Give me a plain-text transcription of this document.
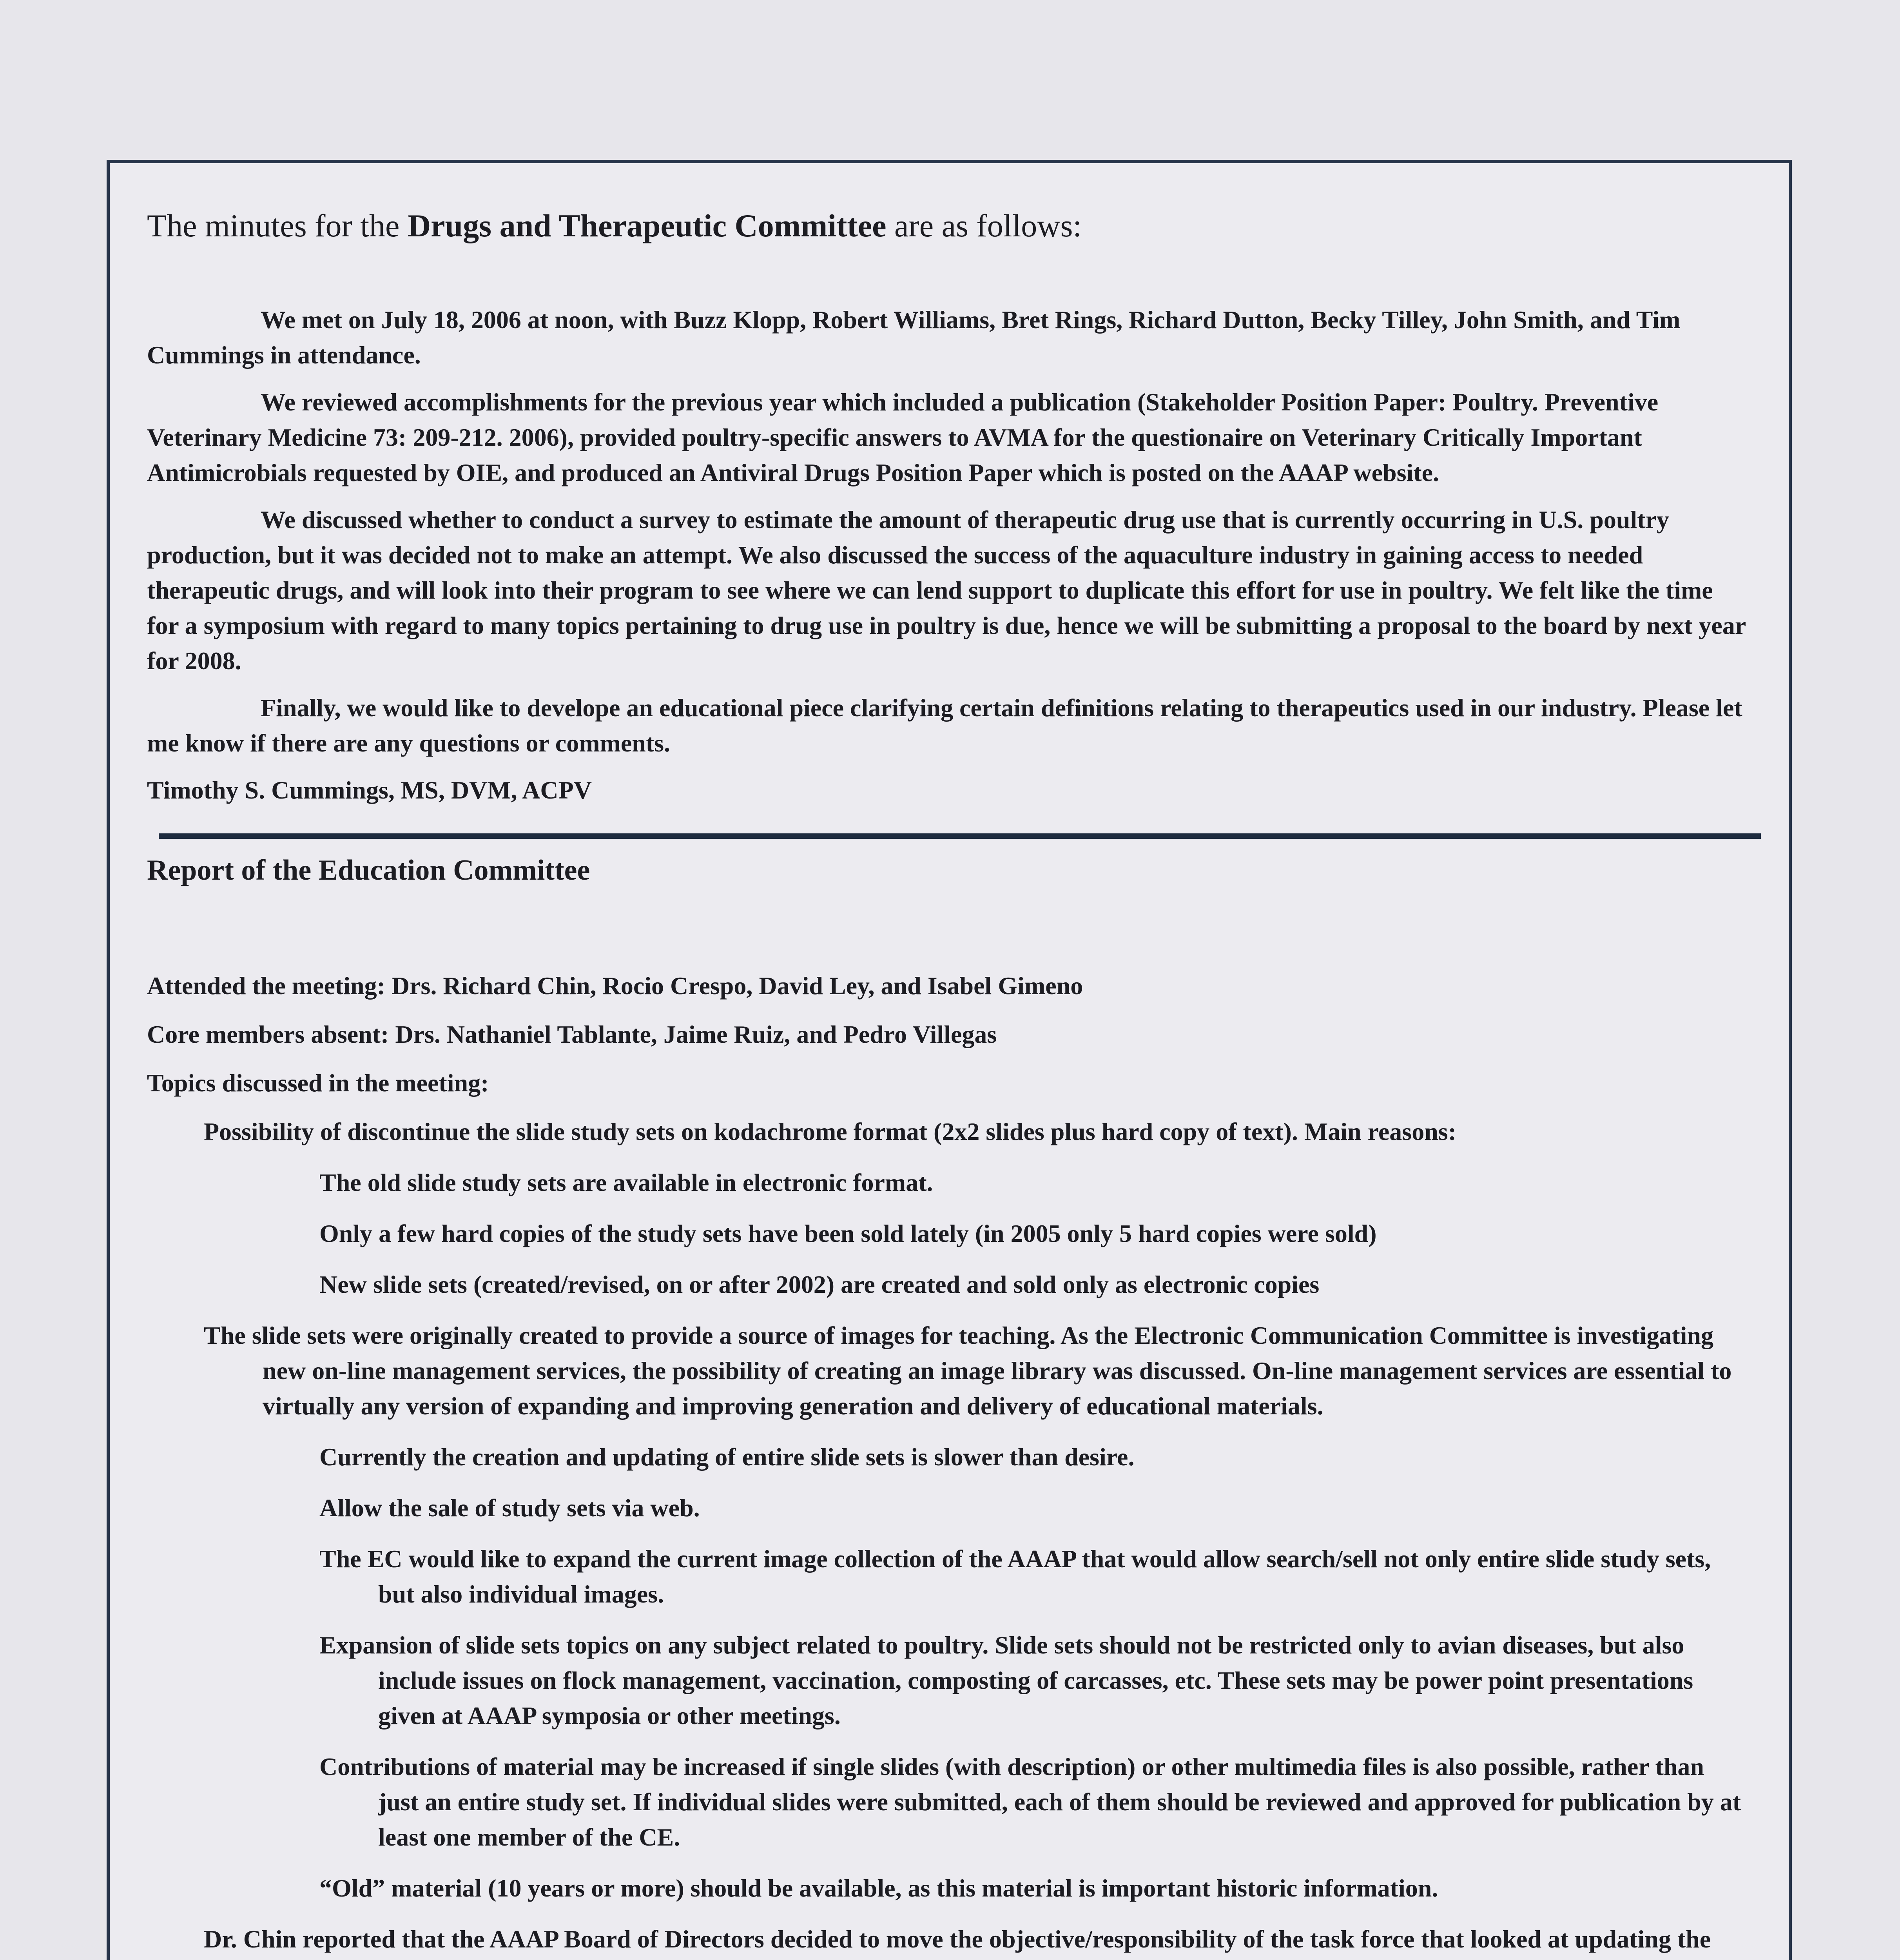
The minutes for the Drugs and Therapeutic Committee are as follows:

We met on July 18, 2006 at noon, with Buzz Klopp, Robert Williams, Bret Rings, Richard Dutton, Becky Tilley, John Smith, and Tim Cummings in attendance.

We reviewed accomplishments for the previous year which included a publication (Stakeholder Position Paper: Poultry. Preventive Veterinary Medicine 73: 209-212. 2006), provided poultry-specific answers to AVMA for the questionaire on Veterinary Critically Important Antimicrobials requested by OIE, and produced an Antiviral Drugs Position Paper which is posted on the AAAP website.

We discussed whether to conduct a survey to estimate the amount of therapeutic drug use that is currently occurring in U.S. poultry production, but it was decided not to make an attempt. We also discussed the success of the aquaculture industry in gaining access to needed therapeutic drugs, and will look into their program to see where we can lend support to duplicate this effort for use in poultry. We felt like the time for a symposium with regard to many topics pertaining to drug use in poultry is due, hence we will be submitting a proposal to the board by next year for 2008.

Finally, we would like to develope an educational piece clarifying certain definitions relating to therapeutics used in our industry. Please let me know if there are any questions or comments.

Timothy S. Cummings, MS, DVM, ACPV

Report of the Education Committee

Attended the meeting: Drs. Richard Chin, Rocio Crespo, David Ley, and Isabel Gimeno

Core members absent: Drs. Nathaniel Tablante, Jaime Ruiz, and Pedro Villegas

Topics discussed in the meeting:

Possibility of discontinue the slide study sets on kodachrome format (2x2 slides plus hard copy of text). Main reasons:

The old slide study sets are available in electronic format.

Only a few hard copies of the study sets have been sold lately (in 2005 only 5 hard copies were sold)

New slide sets (created/revised, on or after 2002) are created and sold only as electronic copies

The slide sets were originally created to provide a source of images for teaching. As the Electronic Communication Committee is investigating new on-line management services, the possibility of creating an image library was discussed. On-line management services are essential to virtually any version of expanding and improving generation and delivery of educational materials.

Currently the creation and updating of entire slide sets is slower than desire.

Allow the sale of study sets via web.

The EC would like to expand the current image collection of the AAAP that would allow search/sell not only entire slide study sets, but also individual images.

Expansion of slide sets topics on any subject related to poultry. Slide sets should not be restricted only to avian diseases, but also include issues on flock management, vaccination, composting of carcasses, etc. These sets may be power point presentations given at AAAP symposia or other meetings.

Contributions of material may be increased if single slides (with description) or other multimedia files is also possible, rather than just an entire study set. If individual slides were submitted, each of them should be reviewed and approved for publication by at least one member of the CE.

“Old” material (10 years or more) should be available, as this material is important historic information.

Dr. Chin reported that the AAAP Board of Directors decided to move the objective/responsibility of the task force that looked at updating the
